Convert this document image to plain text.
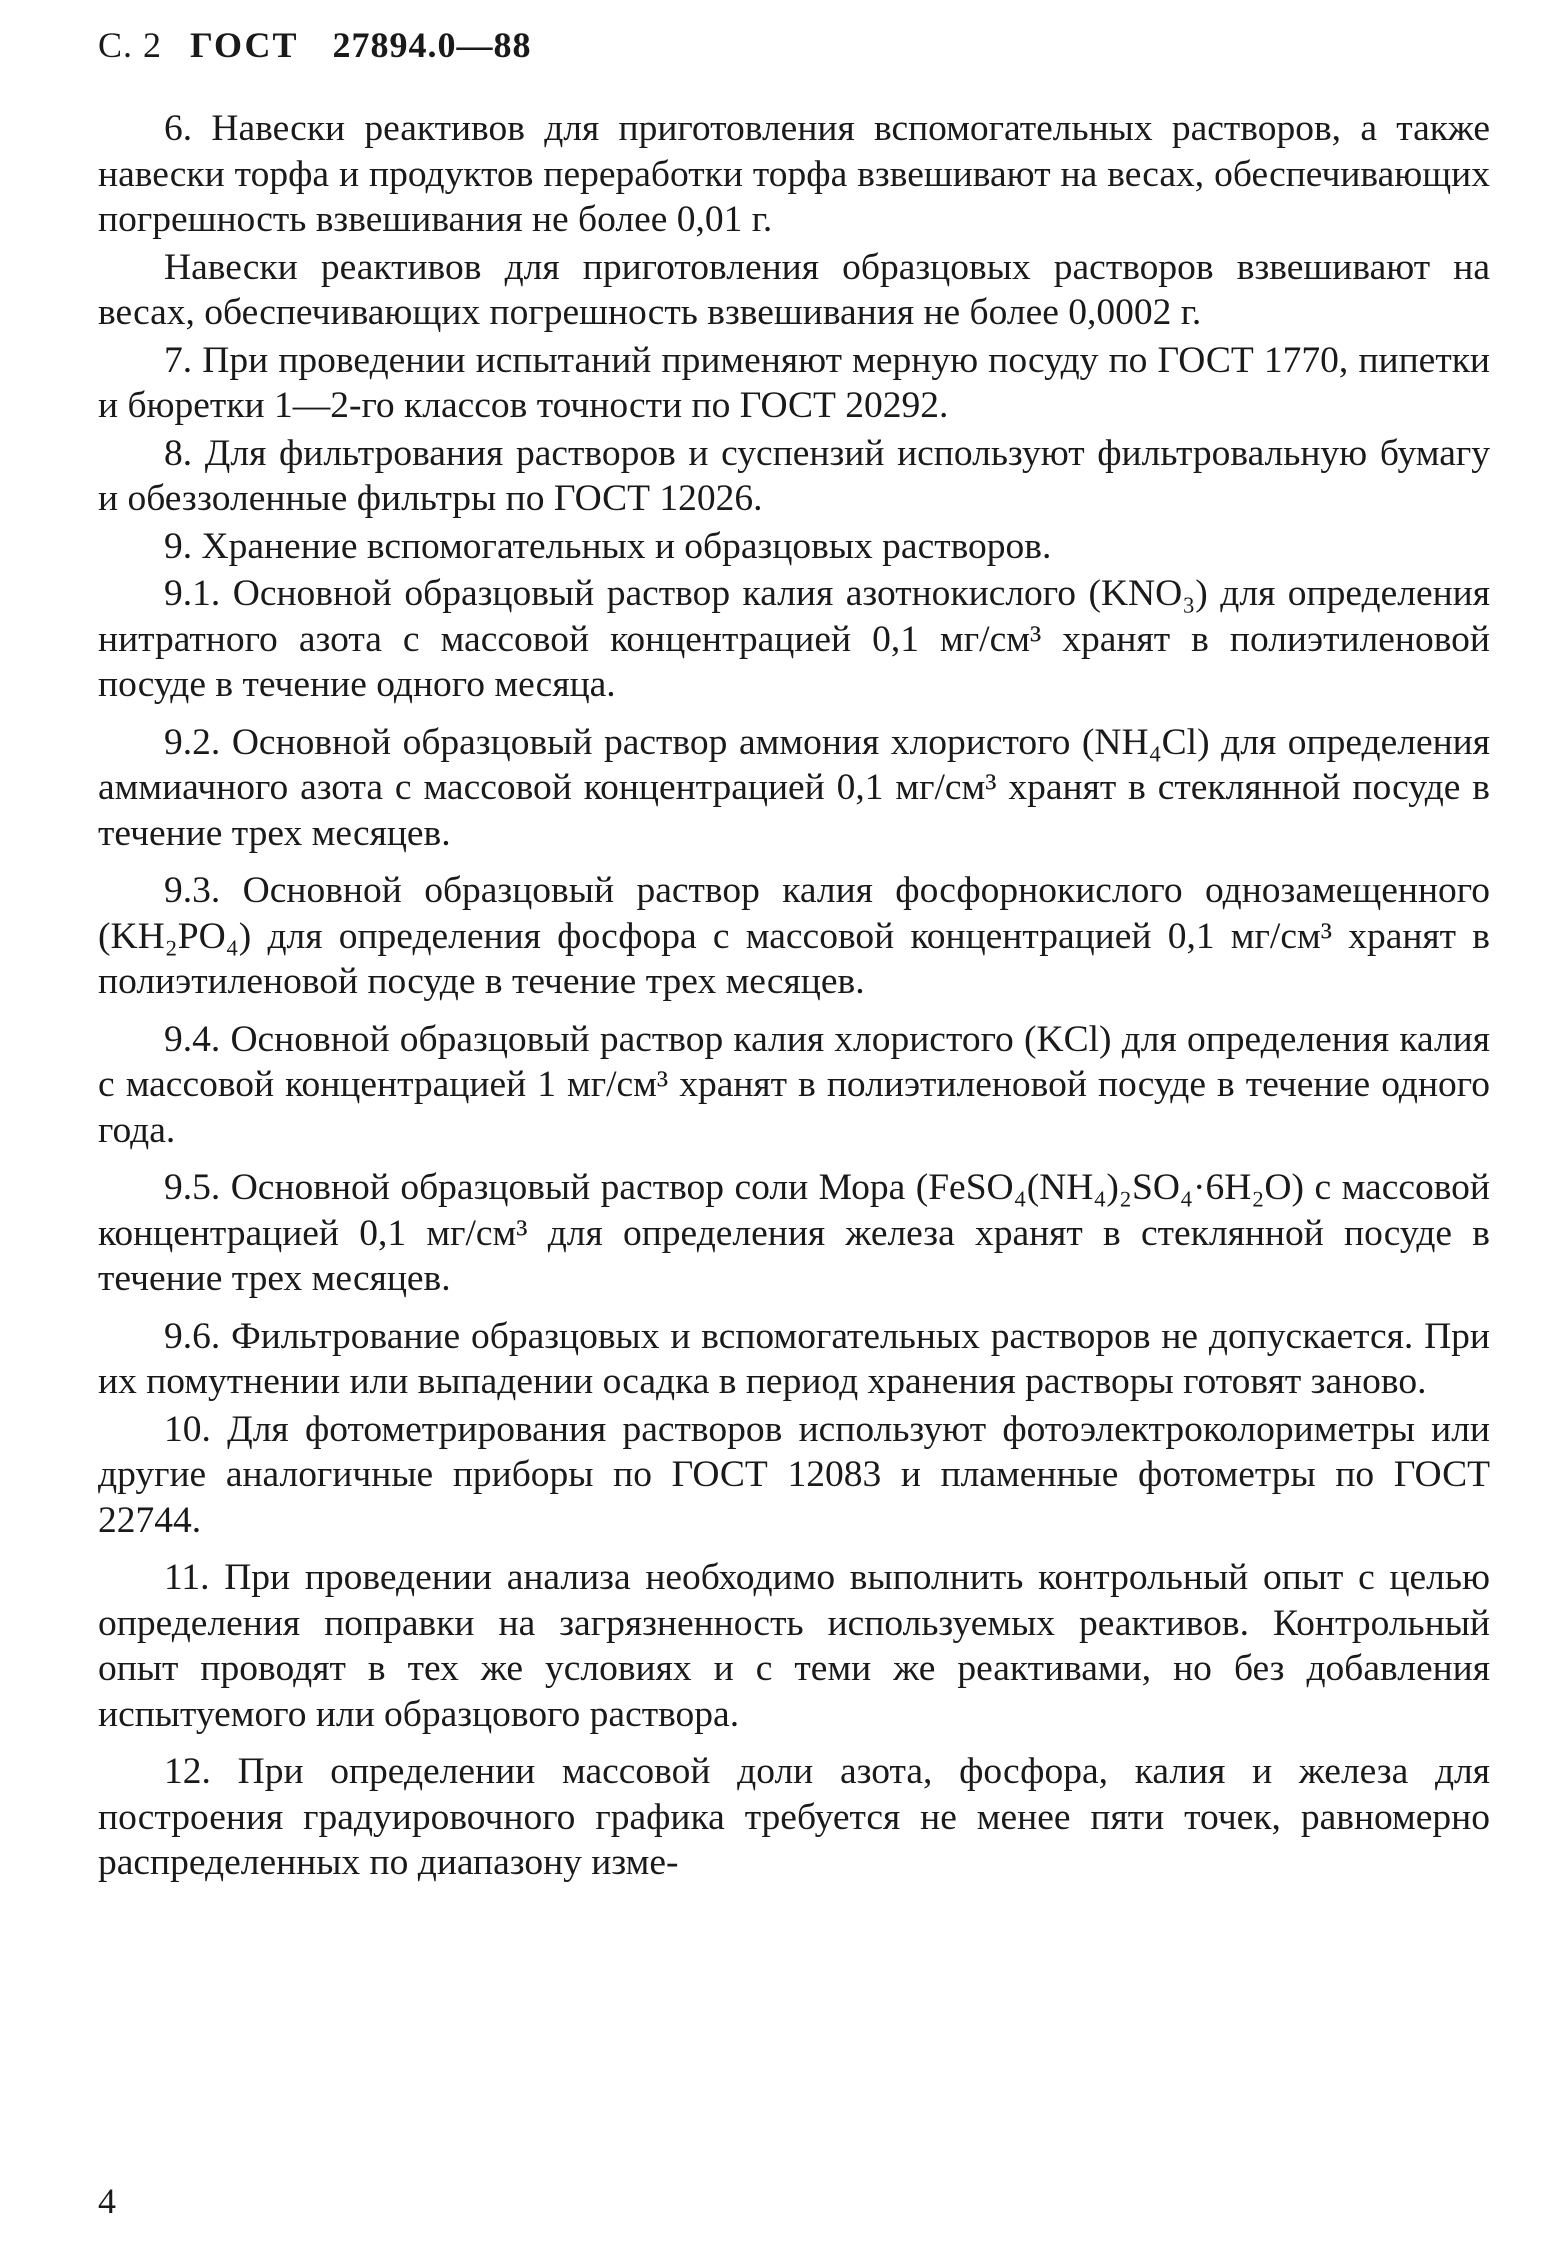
С. 2 ГОСТ 27894.0—88

6. Навески реактивов для приготовления вспомогательных растворов, а также навески торфа и продуктов переработки торфа взвешивают на весах, обеспечивающих погрешность взвешивания не более 0,01 г.

Навески реактивов для приготовления образцовых растворов взвешивают на весах, обеспечивающих погрешность взвешивания не более 0,0002 г.

7. При проведении испытаний применяют мерную посуду по ГОСТ 1770, пипетки и бюретки 1—2-го классов точности по ГОСТ 20292.

8. Для фильтрования растворов и суспензий используют фильтровальную бумагу и обеззоленные фильтры по ГОСТ 12026.

9. Хранение вспомогательных и образцовых растворов.

9.1. Основной образцовый раствор калия азотнокислого (KNO₃) для определения нитратного азота с массовой концентрацией 0,1 мг/см³ хранят в полиэтиленовой посуде в течение одного месяца.

9.2. Основной образцовый раствор аммония хлористого (NH₄Cl) для определения аммиачного азота с массовой концентрацией 0,1 мг/см³ хранят в стеклянной посуде в течение трех месяцев.

9.3. Основной образцовый раствор калия фосфорнокислого однозамещенного (KH₂PO₄) для определения фосфора с массовой концентрацией 0,1 мг/см³ хранят в полиэтиленовой посуде в течение трех месяцев.

9.4. Основной образцовый раствор калия хлористого (KCl) для определения калия с массовой концентрацией 1 мг/см³ хранят в полиэтиленовой посуде в течение одного года.

9.5. Основной образцовый раствор соли Мора (FeSO₄(NH₄)₂SO₄·6H₂O) с массовой концентрацией 0,1 мг/см³ для определения железа хранят в стеклянной посуде в течение трех месяцев.

9.6. Фильтрование образцовых и вспомогательных растворов не допускается. При их помутнении или выпадении осадка в период хранения растворы готовят заново.

10. Для фотометрирования растворов используют фотоэлектроколориметры или другие аналогичные приборы по ГОСТ 12083 и пламенные фотометры по ГОСТ 22744.

11. При проведении анализа необходимо выполнить контрольный опыт с целью определения поправки на загрязненность используемых реактивов. Контрольный опыт проводят в тех же условиях и с теми же реактивами, но без добавления испытуемого или образцового раствора.

12. При определении массовой доли азота, фосфора, калия и железа для построения градуировочного графика требуется не менее пяти точек, равномерно распределенных по диапазону изме-

4
